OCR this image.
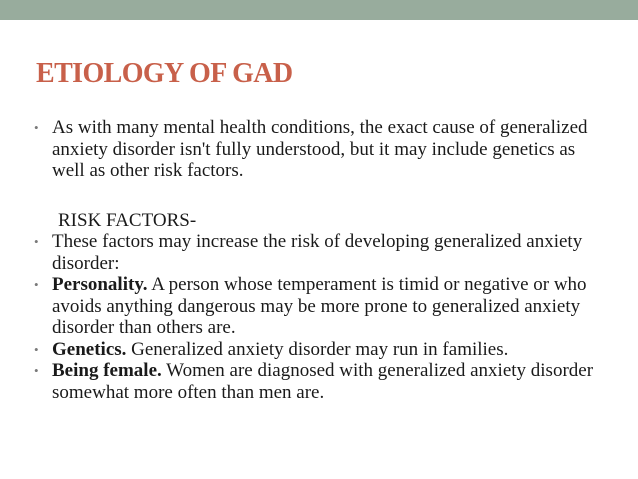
ETIOLOGY OF GAD

• As with many mental health conditions, the exact cause of generalized anxiety disorder isn't fully understood, but it may include genetics as well as other risk factors.

RISK FACTORS-

• These factors may increase the risk of developing generalized anxiety disorder:

• Personality. A person whose temperament is timid or negative or who avoids anything dangerous may be more prone to generalized anxiety disorder than others are.

• Genetics. Generalized anxiety disorder may run in families.

• Being female. Women are diagnosed with generalized anxiety disorder somewhat more often than men are.
